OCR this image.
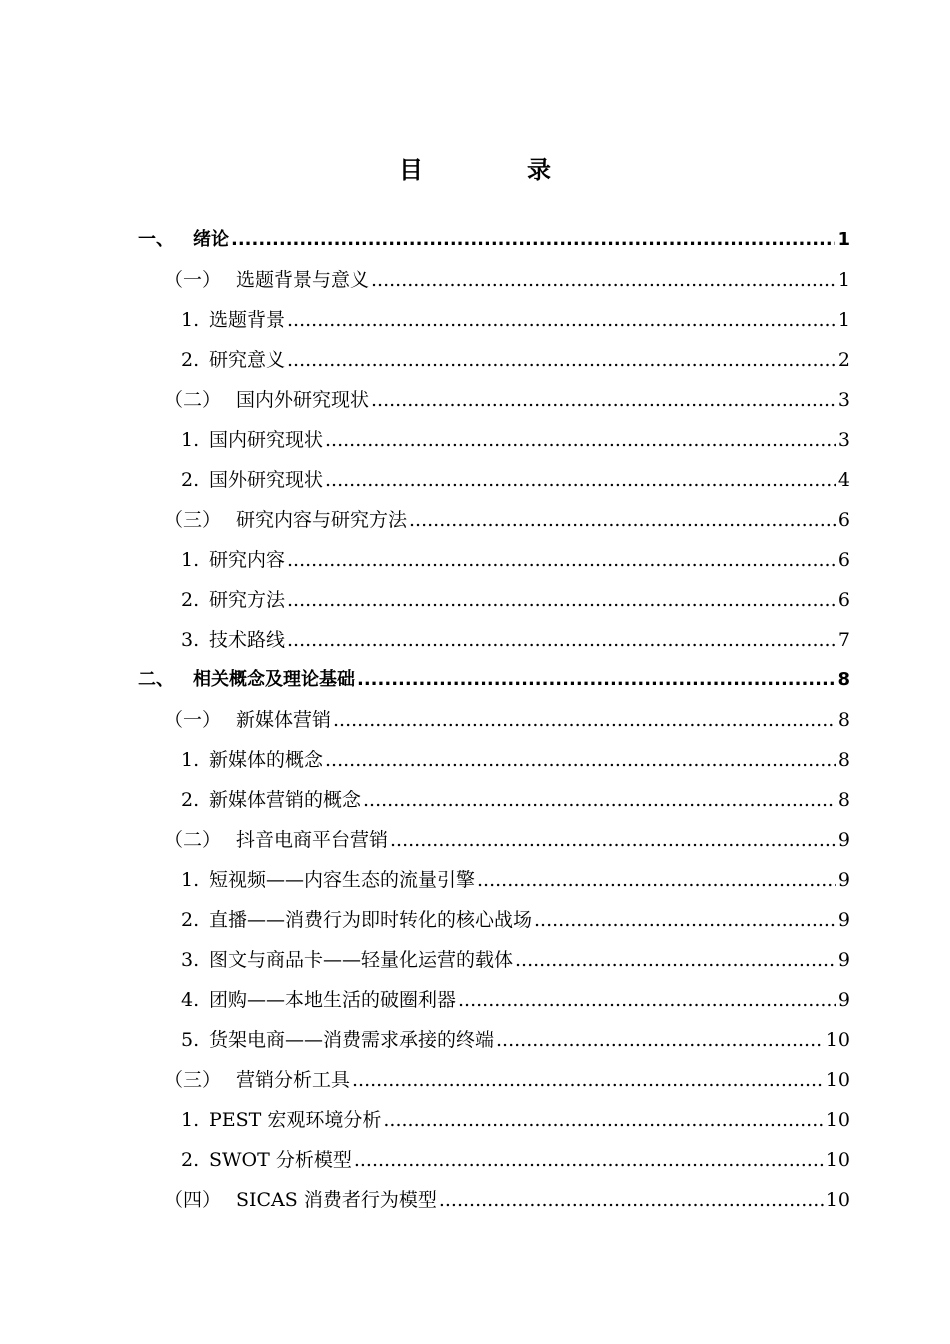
目　录
一、	绪论 .....	1
（一） 选题背景与意义 .....	1
1. 选题背景 .....	1
2. 研究意义 .....	2
（二） 国内外研究现状 .....	3
1. 国内研究现状 .....	3
2. 国外研究现状 .....	4
（三） 研究内容与研究方法 .....	6
1. 研究内容 .....	6
2. 研究方法 .....	6
3. 技术路线 .....	7
二、	相关概念及理论基础 .....	8
（一） 新媒体营销 .....	8
1. 新媒体的概念 .....	8
2. 新媒体营销的概念 .....	8
（二） 抖音电商平台营销 .....	9
1. 短视频——内容生态的流量引擎 .....	9
2. 直播——消费行为即时转化的核心战场 .....	9
3. 图文与商品卡——轻量化运营的载体 .....	9
4. 团购——本地生活的破圈利器 .....	9
5. 货架电商——消费需求承接的终端 .....	10
（三） 营销分析工具 .....	10
1. PEST 宏观环境分析 .....	10
2. SWOT 分析模型 .....	10
（四） SICAS 消费者行为模型 .....	10
